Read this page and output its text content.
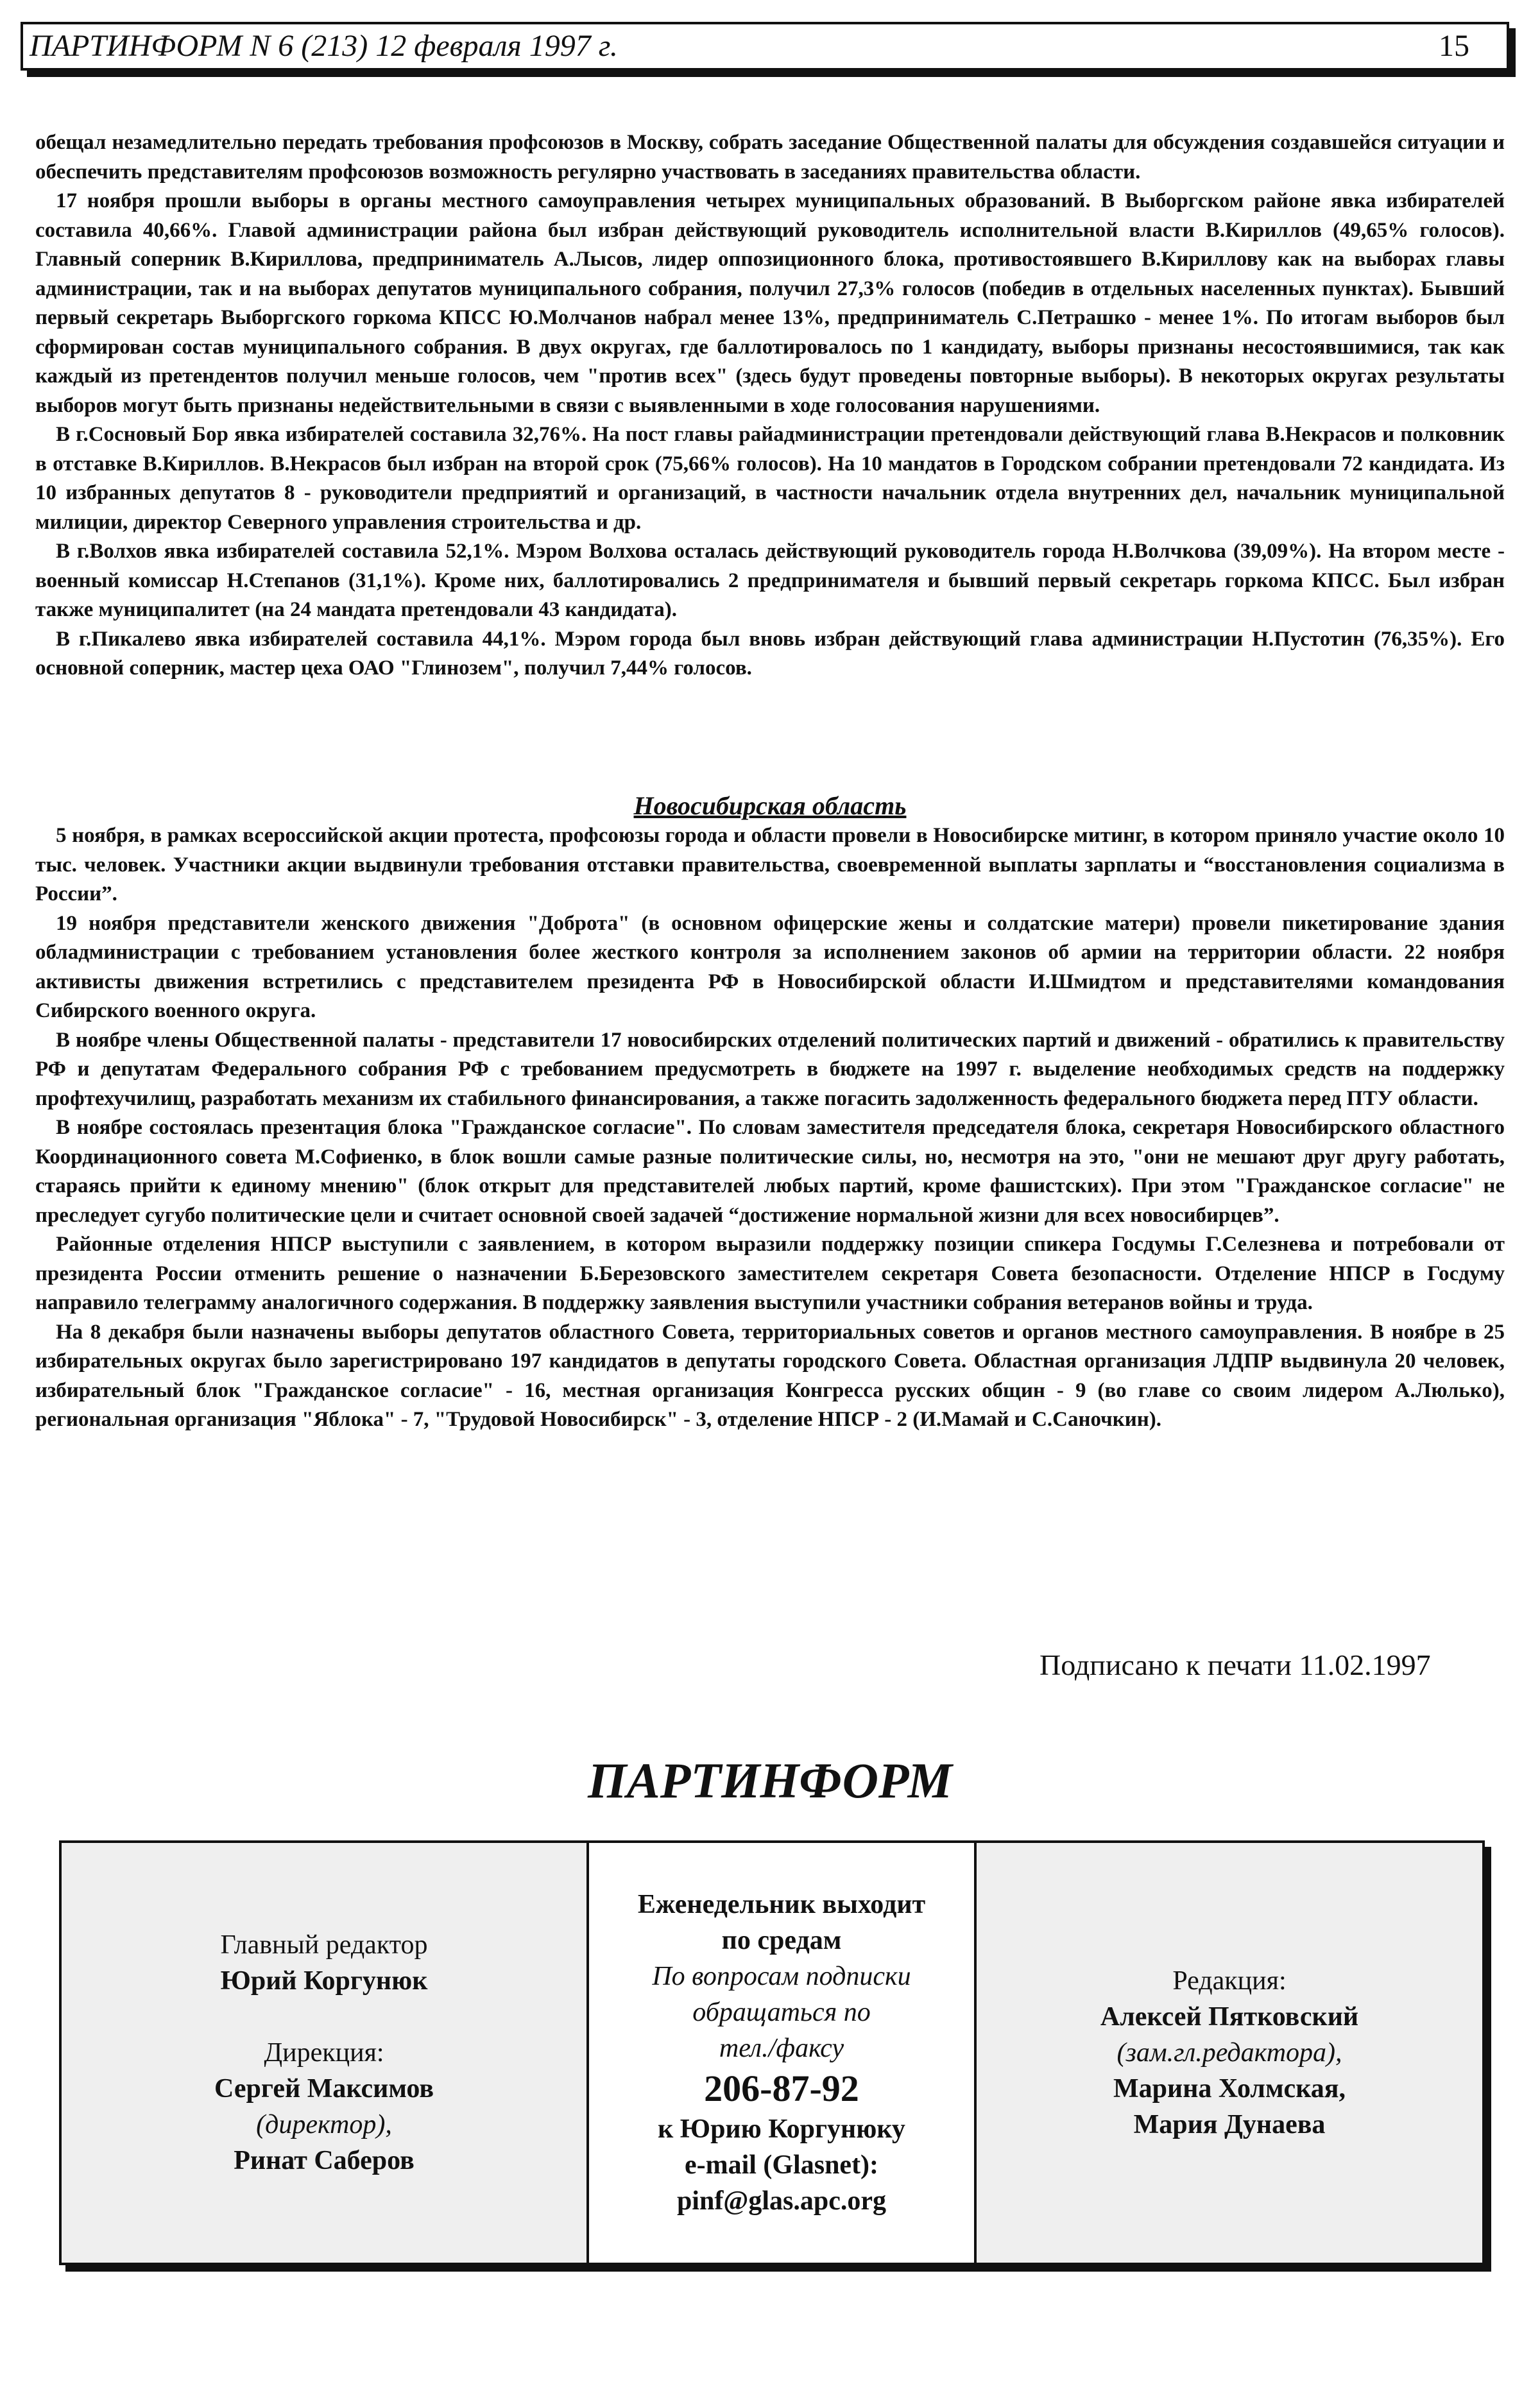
ПАРТИНФОРМ N 6 (213) 12 февраля 1997 г.	15

обещал незамедлительно передать требования профсоюзов в Москву, собрать заседание Общественной палаты для обсуждения создавшейся ситуации и обеспечить представителям профсоюзов возможность регулярно участвовать в заседаниях правительства области.

17 ноября прошли выборы в органы местного самоуправления четырех муниципальных образований. В Выборгском районе явка избирателей составила 40,66%. Главой администрации района был избран действующий руководитель исполнительной власти В.Кириллов (49,65% голосов). Главный соперник В.Кириллова, предприниматель А.Лысов, лидер оппозиционного блока, противостоявшего В.Кириллову как на выборах главы администрации, так и на выборах депутатов муниципального собрания, получил 27,3% голосов (победив в отдельных населенных пунктах). Бывший первый секретарь Выборгского горкома КПСС Ю.Молчанов набрал менее 13%, предприниматель С.Петрашко - менее 1%. По итогам выборов был сформирован состав муниципального собрания. В двух округах, где баллотировалось по 1 кандидату, выборы признаны несостоявшимися, так как каждый из претендентов получил меньше голосов, чем "против всех" (здесь будут проведены повторные выборы). В некоторых округах результаты выборов могут быть признаны недействительными в связи с выявленными в ходе голосования нарушениями.

В г.Сосновый Бор явка избирателей составила 32,76%. На пост главы райадминистрации претендовали действующий глава В.Некрасов и полковник в отставке В.Кириллов. В.Некрасов был избран на второй срок (75,66% голосов). На 10 мандатов в Городском собрании претендовали 72 кандидата. Из 10 избранных депутатов 8 - руководители предприятий и организаций, в частности начальник отдела внутренних дел, начальник муниципальной милиции, директор Северного управления строительства и др.

В г.Волхов явка избирателей составила 52,1%. Мэром Волхова осталась действующий руководитель города Н.Волчкова (39,09%). На втором месте - военный комиссар Н.Степанов (31,1%). Кроме них, баллотировались 2 предпринимателя и бывший первый секретарь горкома КПСС. Был избран также муниципалитет (на 24 мандата претендовали 43 кандидата).

В г.Пикалево явка избирателей составила 44,1%. Мэром города был вновь избран действующий глава администрации Н.Пустотин (76,35%). Его основной соперник, мастер цеха ОАО "Глинозем", получил 7,44% голосов.

Новосибирская область

5 ноября, в рамках всероссийской акции протеста, профсоюзы города и области провели в Новосибирске митинг, в котором приняло участие около 10 тыс. человек. Участники акции выдвинули требования отставки правительства, своевременной выплаты зарплаты и “восстановления социализма в России”.

19 ноября представители женского движения "Доброта" (в основном офицерские жены и солдатские матери) провели пикетирование здания обладминистрации с требованием установления более жесткого контроля за исполнением законов об армии на территории области. 22 ноября активисты движения встретились с представителем президента РФ в Новосибирской области И.Шмидтом и представителями командования Сибирского военного округа.

В ноябре члены Общественной палаты - представители 17 новосибирских отделений политических партий и движений - обратились к правительству РФ и депутатам Федерального собрания РФ с требованием предусмотреть в бюджете на 1997 г. выделение необходимых средств на поддержку профтехучилищ, разработать механизм их стабильного финансирования, а также погасить задолженность федерального бюджета перед ПТУ области.

В ноябре состоялась презентация блока "Гражданское согласие". По словам заместителя председателя блока, секретаря Новосибирского областного Координационного совета М.Софиенко, в блок вошли самые разные политические силы, но, несмотря на это, "они не мешают друг другу работать, стараясь прийти к единому мнению" (блок открыт для представителей любых партий, кроме фашистских). При этом "Гражданское согласие" не преследует сугубо политические цели и считает основной своей задачей “достижение нормальной жизни для всех новосибирцев”.

Районные отделения НПСР выступили с заявлением, в котором выразили поддержку позиции спикера Госдумы Г.Селезнева и потребовали от президента России отменить решение о назначении Б.Березовского заместителем секретаря Совета безопасности. Отделение НПСР в Госдуму направило телеграмму аналогичного содержания. В поддержку заявления выступили участники собрания ветеранов войны и труда.

На 8 декабря были назначены выборы депутатов областного Совета, территориальных советов и органов местного самоуправления. В ноябре в 25 избирательных округах было зарегистрировано 197 кандидатов в депутаты городского Совета. Областная организация ЛДПР выдвинула 20 человек, избирательный блок "Гражданское согласие" - 16, местная организация Конгресса русских общин - 9 (во главе со своим лидером А.Люлько), региональная организация "Яблока" - 7, "Трудовой Новосибирск" - 3, отделение НПСР - 2 (И.Мамай и С.Саночкин).

Подписано к печати 11.02.1997
ПАРТИНФОРМ
Главный редактор
Юрий Коргунюк
Дирекция:
Сергей Максимов
(директор),
Ринат Саберов
Еженедельник выходит
по средам
По вопросам подписки
обращаться по
тел./факсу
206-87-92
к Юрию Коргунюку
e-mail (Glasnet):
pinf@glas.apc.org
Редакция:
Алексей Пятковский
(зам.гл.редактора),
Марина Холмская,
Мария Дунаева
